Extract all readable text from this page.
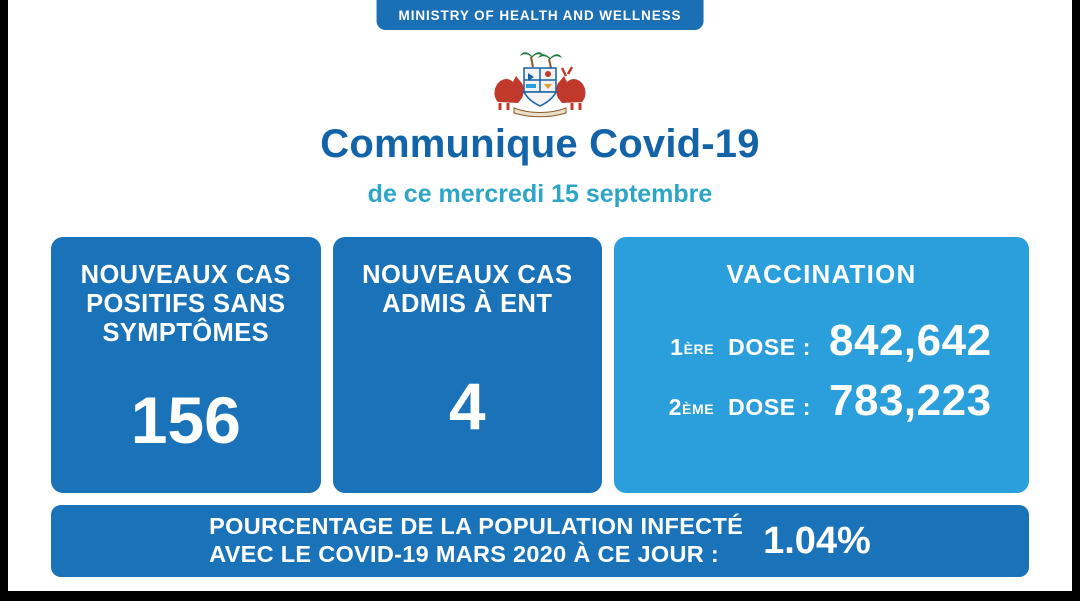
MINISTRY OF HEALTH AND WELLNESS
Communique Covid-19
de ce mercredi 15 septembre
NOUVEAUX CAS POSITIFS SANS SYMPTÔMES
156
NOUVEAUX CAS ADMIS À ENT
4
VACCINATION
1ÈRE DOSE : 842,642
2ÈME DOSE : 783,223
POURCENTAGE DE LA POPULATION INFECTÉ
AVEC LE COVID-19 MARS 2020 À CE JOUR :	1.04%
